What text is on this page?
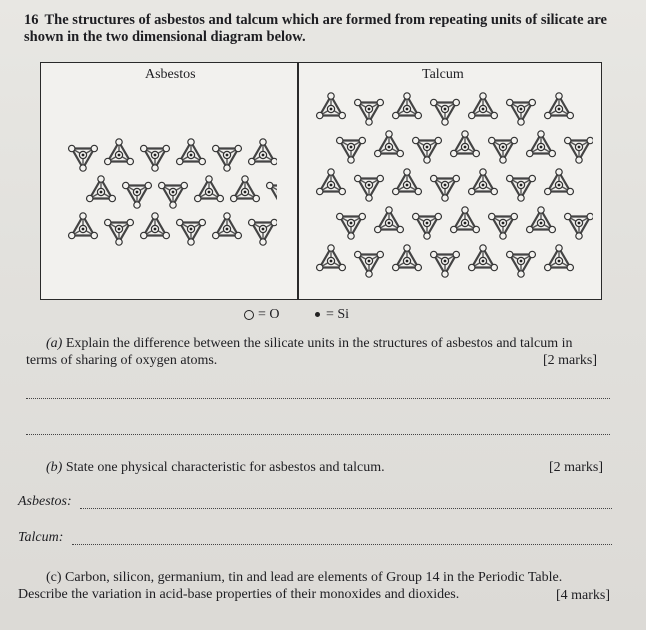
16 The structures of asbestos and talcum which are formed from repeating units of silicate are shown in the two dimensional diagram below.
Asbestos	Talcum
= O	= Si
(a) Explain the difference between the silicate units in the structures of asbestos and talcum in
terms of sharing of oxygen atoms.	[2 marks]
(b) State one physical characteristic for asbestos and talcum.	[2 marks]
Asbestos:
Talcum:
(c) Carbon, silicon, germanium, tin and lead are elements of Group 14 in the Periodic Table.
Describe the variation in acid-base properties of their monoxides and dioxides.	[4 marks]
